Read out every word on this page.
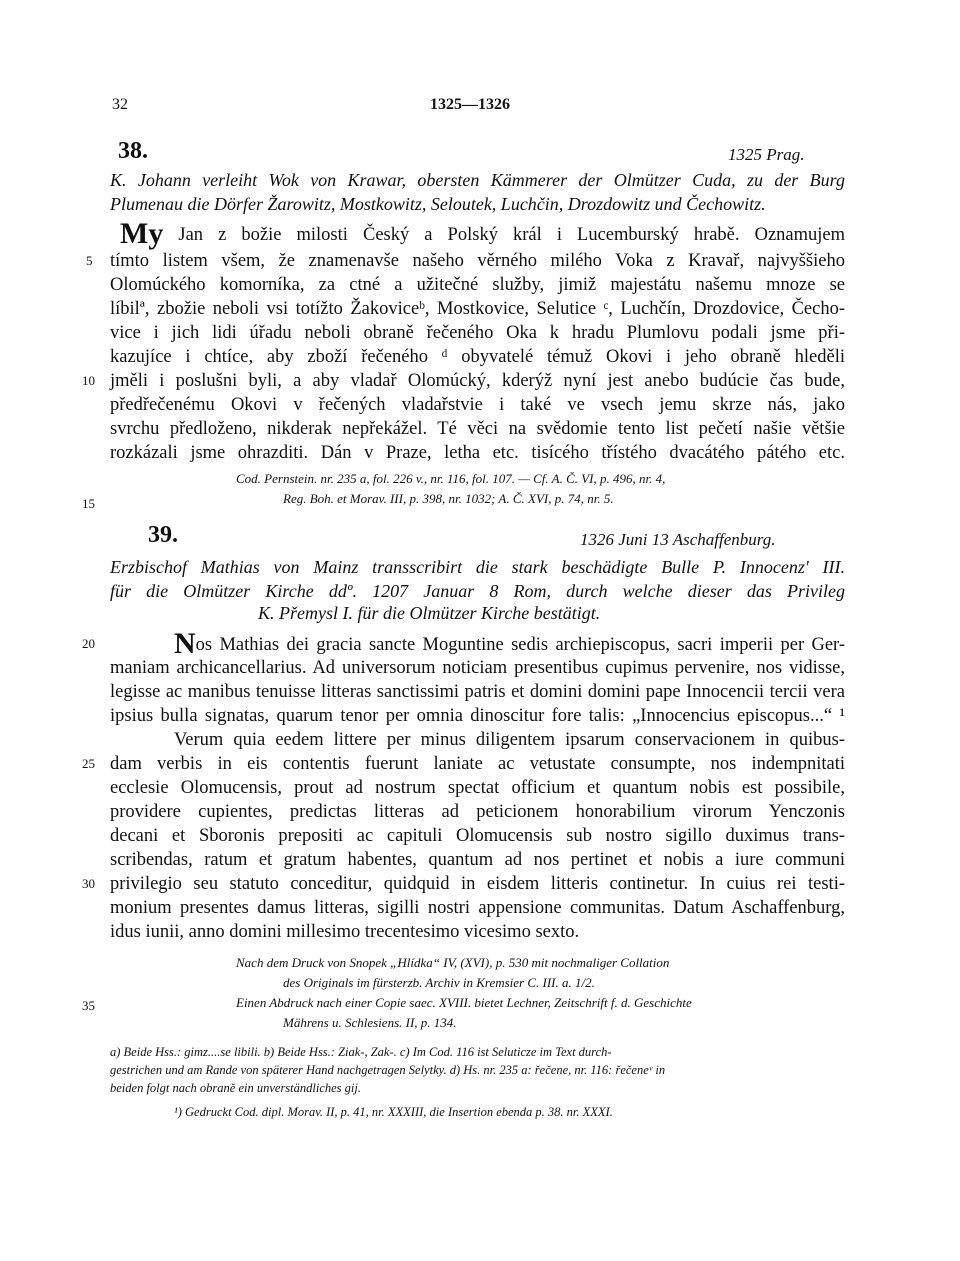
32	1325—1326
38.	1325 Prag.
K. Johann verleiht Wok von Krawar, obersten Kämmerer der Olmützer Cuda, zu der Burg
Plumenau die Dörfer Žarowitz, Mostkowitz, Seloutek, Luchčin, Drozdowitz und Čechowitz.
My Jan z božie milosti Český a Polský král i Lucemburský hrabě. Oznamujem
tímto listem všem, že znamenavše našeho věrného milého Voka z Kravař, najvyššieho
Olomúckého komorníka, za ctné a užitečné služby, jimiž majestátu našemu mnoze se
líbilª, zbožie neboli vsi totížto Žakoviceᵇ, Mostkovice, Selutice ᶜ, Luchčín, Drozdovice, Čecho-
vice i jich lidi úřadu neboli obraně řečeného Oka k hradu Plumlovu podali jsme při-
kazujíce i chtíce, aby zboží řečeného ᵈ obyvatelé témuž Okovi i jeho obraně hleděli
jměli i poslušni byli, a aby vladař Olomúcký, kderýž nyní jest anebo budúcie čas bude,
předřečenému Okovi v řečených vladařstvie i také ve vsech jemu skrze nás, jako
svrchu předloženo, nikderak nepřekážel. Té věci na svědomie tento list pečetí našie většie
rozkázali jsme ohrazditi. Dán v Praze, letha etc. tisícého třístého dvacátého pátého etc.
Cod. Pernstein. nr. 235 a, fol. 226 v., nr. 116, fol. 107. — Cf. A. Č. VI, p. 496, nr. 4,
Reg. Boh. et Morav. III, p. 398, nr. 1032; A. Č. XVI, p. 74, nr. 5.
39.	1326 Juni 13 Aschaffenburg.
Erzbischof Mathias von Mainz transscribirt die stark beschädigte Bulle P. Innocenz' III.
für die Olmützer Kirche ddº. 1207 Januar 8 Rom, durch welche dieser das Privileg
K. Přemysl I. für die Olmützer Kirche bestätigt.
Nos Mathias dei gracia sancte Moguntine sedis archiepiscopus, sacri imperii per Ger-
maniam archicancellarius. Ad universorum noticiam presentibus cupimus pervenire, nos vidisse,
legisse ac manibus tenuisse litteras sanctissimi patris et domini domini pape Innocencii tercii vera
ipsius bulla signatas, quarum tenor per omnia dinoscitur fore talis: „Innocencius episcopus...“ ¹
Verum quia eedem littere per minus diligentem ipsarum conservacionem in quibus-
dam verbis in eis contentis fuerunt laniate ac vetustate consumpte, nos indempnitati
ecclesie Olomucensis, prout ad nostrum spectat officium et quantum nobis est possibile,
providere cupientes, predictas litteras ad peticionem honorabilium virorum Yenczonis
decani et Sboronis prepositi ac capituli Olomucensis sub nostro sigillo duximus trans-
scribendas, ratum et gratum habentes, quantum ad nos pertinet et nobis a iure communi
privilegio seu statuto conceditur, quidquid in eisdem litteris continetur. In cuius rei testi-
monium presentes damus litteras, sigilli nostri appensione communitas. Datum Aschaffenburg,
idus iunii, anno domini millesimo trecentesimo vicesimo sexto.
Nach dem Druck von Snopek „Hlídka“ IV, (XVI), p. 530 mit nochmaliger Collation
des Originals im fürsterzb. Archiv in Kremsier C. III. a. 1/2.
Einen Abdruck nach einer Copie saec. XVIII. bietet Lechner, Zeitschrift f. d. Geschichte
Mährens u. Schlesiens. II, p. 134.
a) Beide Hss.: gimz....se libili. b) Beide Hss.: Ziak-, Zak-. c) Im Cod. 116 ist Seluticze im Text durch-
gestrichen und am Rande von späterer Hand nachgetragen Selytky. d) Hs. nr. 235 a: řečene, nr. 116: řečeneᵛ in
beiden folgt nach obraně ein unverständliches gij.
¹) Gedruckt Cod. dipl. Morav. II, p. 41, nr. XXXIII, die Insertion ebenda p. 38. nr. XXXI.
5
10
15
20
25
30
35
